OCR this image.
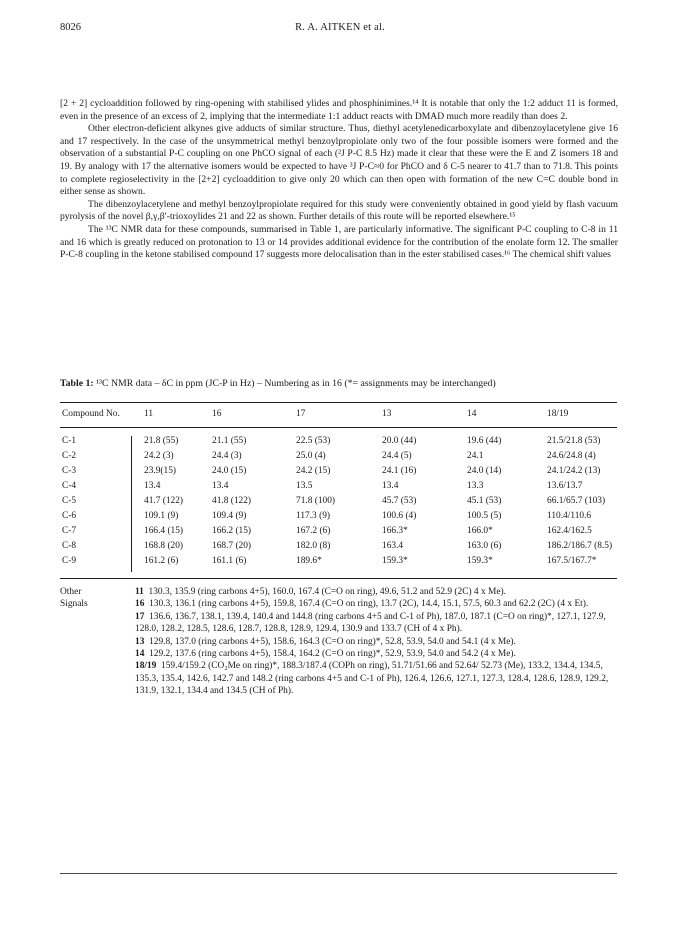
8026	R. A. AITKEN et al.

[2 + 2] cycloaddition followed by ring-opening with stabilised ylides and phosphinimines.¹⁴ It is notable that only the 1:2 adduct 11 is formed, even in the presence of an excess of 2, implying that the intermediate 1:1 adduct reacts with DMAD much more readily than does 2.

Other electron-deficient alkynes give adducts of similar structure. Thus, diethyl acetylenedicarboxylate and dibenzoylacetylene give 16 and 17 respectively. In the case of the unsymmetrical methyl benzoylpropiolate only two of the four possible isomers were formed and the observation of a substantial P-C coupling on one PhCO signal of each (²J P-C 8.5 Hz) made it clear that these were the E and Z isomers 18 and 19. By analogy with 17 the alternative isomers would be expected to have ³J P-C≈0 for PhCO and δ C-5 nearer to 41.7 than to 71.8. This points to complete regioselectivity in the [2+2] cycloaddition to give only 20 which can then open with formation of the new C=C double bond in either sense as shown.

The dibenzoylacetylene and methyl benzoylpropiolate required for this study were conveniently obtained in good yield by flash vacuum pyrolysis of the novel β,γ,β′-trioxoylides 21 and 22 as shown. Further details of this route will be reported elsewhere.¹⁵

The ¹³C NMR data for these compounds, summarised in Table 1, are particularly informative. The significant P-C coupling to C-8 in 11 and 16 which is greatly reduced on protonation to 13 or 14 provides additional evidence for the contribution of the enolate form 12. The smaller P-C-8 coupling in the ketone stabilised compound 17 suggests more delocalisation than in the ester stabilised cases.¹⁶ The chemical shift values

Table 1: ¹³C NMR data – δC in ppm (JC-P in Hz) – Numbering as in 16 (*= assignments may be interchanged)
Compound No.	11	16	17	13	14	18/19
C-1	21.8 (55)	21.1 (55)	22.5 (53)	20.0 (44)	19.6 (44)	21.5/21.8 (53)
C-2	24.2 (3)	24.4 (3)	25.0 (4)	24.4 (5)	24.1	24.6/24.8 (4)
C-3	23.9(15)	24.0 (15)	24.2 (15)	24.1 (16)	24.0 (14)	24.1/24.2 (13)
C-4	13.4	13.4	13.5	13.4	13.3	13.6/13.7
C-5	41.7 (122)	41.8 (122)	71.8 (100)	45.7 (53)	45.1 (53)	66.1/65.7 (103)
C-6	109.1 (9)	109.4 (9)	117.3 (9)	100.6 (4)	100.5 (5)	110.4/110.6
C-7	166.4 (15)	166.2 (15)	167.2 (6)	166.3*	166.0*	162.4/162.5
C-8	168.8 (20)	168.7 (20)	182.0 (8)	163.4	163.0 (6)	186.2/186.7 (8.5)
C-9	161.2 (6)	161.1 (6)	189.6*	159.3*	159.3*	167.5/167.7*
Other
Signals

11  130.3, 135.9 (ring carbons 4+5), 160.0, 167.4 (C=O on ring), 49.6, 51.2 and 52.9 (2C) 4 x Me).

16  130.3, 136.1 (ring carbons 4+5), 159.8, 167.4 (C=O on ring), 13.7 (2C), 14.4, 15.1, 57.5, 60.3 and 62.2 (2C) (4 x Et).

17  136.6, 136.7, 138.1, 139.4, 140.4 and 144.8 (ring carbons 4+5 and C-1 of Ph), 187.0, 187.1 (C=O on ring)*, 127.1, 127.9, 128.0, 128.2, 128.5, 128.6, 128.7, 128.8, 128.9, 129.4, 130.9 and 133.7 (CH of 4 x Ph).

13  129.8, 137.0 (ring carbons 4+5), 158.6, 164.3 (C=O on ring)*, 52.8, 53.9, 54.0 and 54.1 (4 x Me).

14  129.2, 137.6 (ring carbons 4+5), 158.4, 164.2 (C=O on ring)*, 52.9, 53.9, 54.0 and 54.2 (4 x Me).

18/19  159.4/159.2 (CO₂Me on ring)*, 188.3/187.4 (COPh on ring), 51.71/51.66 and 52.64/ 52.73 (Me), 133.2, 134.4, 134.5, 135.3, 135.4, 142.6, 142.7 and 148.2 (ring carbons 4+5 and C-1 of Ph), 126.4, 126.6, 127.1, 127.3, 128.4, 128.6, 128.9, 129.2, 131.9, 132.1, 134.4 and 134.5 (CH of Ph).
